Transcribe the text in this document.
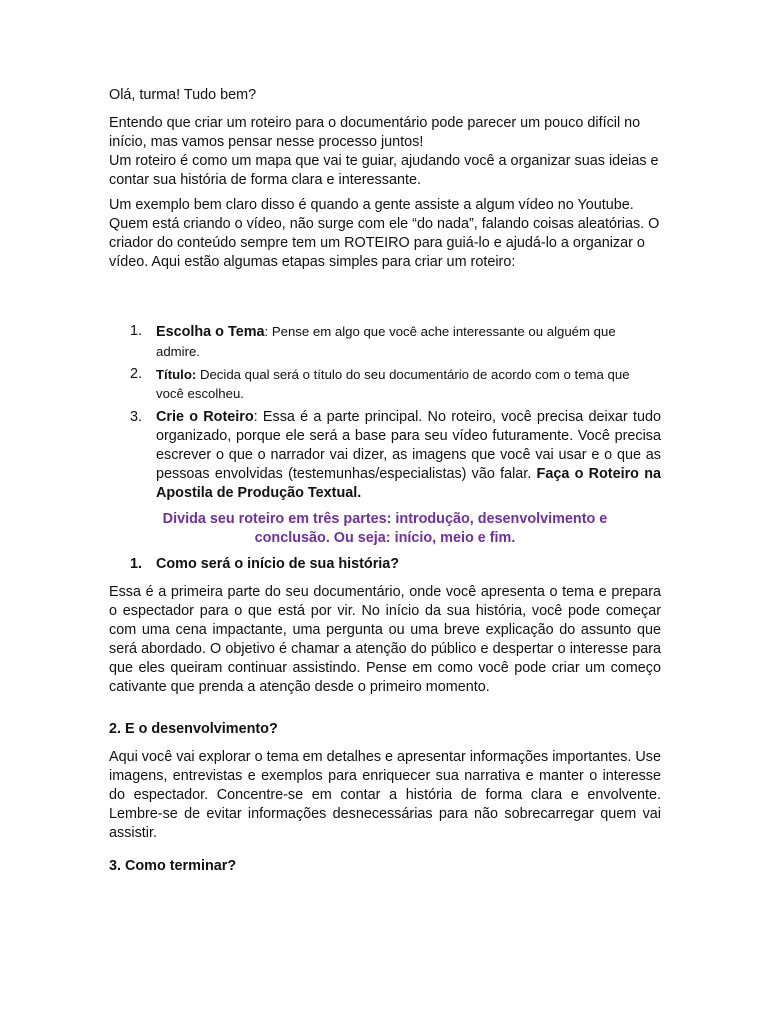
Olá, turma! Tudo bem?

Entendo que criar um roteiro para o documentário pode parecer um pouco difícil no início, mas vamos pensar nesse processo juntos!
Um roteiro é como um mapa que vai te guiar, ajudando você a organizar suas ideias e contar sua história de forma clara e interessante.

Um exemplo bem claro disso é quando a gente assiste a algum vídeo no Youtube. Quem está criando o vídeo, não surge com ele “do nada”, falando coisas aleatórias. O criador do conteúdo sempre tem um ROTEIRO para guiá-lo e ajudá-lo a organizar o vídeo. Aqui estão algumas etapas simples para criar um roteiro:

1. Escolha o Tema: Pense em algo que você ache interessante ou alguém que admire.
2.	Título: Decida qual será o título do seu documentário de acordo com o tema que você escolheu.
3. Crie o Roteiro: Essa é a parte principal. No roteiro, você precisa deixar tudo organizado, porque ele será a base para seu vídeo futuramente. Você precisa escrever o que o narrador vai dizer, as imagens que você vai usar e o que as pessoas envolvidas (testemunhas/especialistas) vão falar. Faça o Roteiro na Apostila de Produção Textual.
Divida seu roteiro em três partes: introdução, desenvolvimento e
conclusão. Ou seja: início, meio e fim.
1. Como será o início de sua história?

Essa é a primeira parte do seu documentário, onde você apresenta o tema e prepara o espectador para o que está por vir. No início da sua história, você pode começar com uma cena impactante, uma pergunta ou uma breve explicação do assunto que será abordado. O objetivo é chamar a atenção do público e despertar o interesse para que eles queiram continuar assistindo. Pense em como você pode criar um começo cativante que prenda a atenção desde o primeiro momento.

2. E o desenvolvimento?

Aqui você vai explorar o tema em detalhes e apresentar informações importantes. Use imagens, entrevistas e exemplos para enriquecer sua narrativa e manter o interesse do espectador. Concentre-se em contar a história de forma clara e envolvente. Lembre-se de evitar informações desnecessárias para não sobrecarregar quem vai assistir.

3. Como terminar?
